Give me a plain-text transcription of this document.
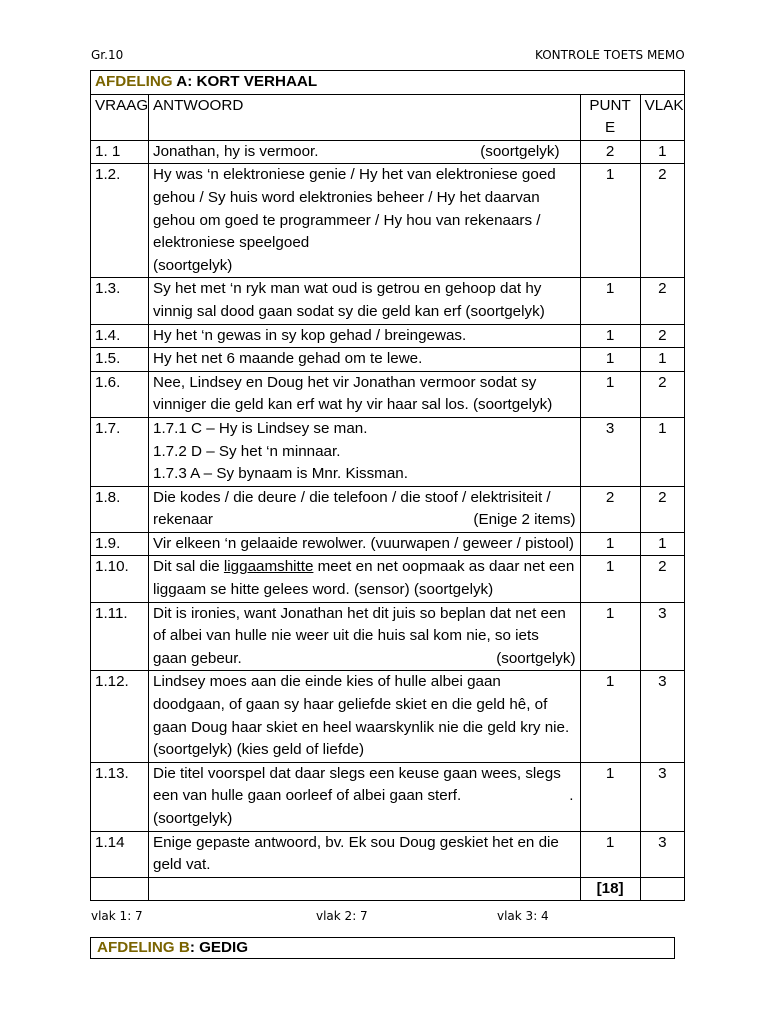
Gr.10	KONTROLE TOETS MEMO
AFDELING A: KORT VERHAAL			
VRAAG	ANTWOORD	PUNT E	VLAK
1. 1	Jonathan, hy is vermoor. (soortgelyk)	2	1
1.2.	Hy was ‘n elektroniese genie / Hy het van elektroniese goed
gehou / Sy huis word elektronies beheer / Hy het daarvan
gehou om goed te programmeer / Hy hou van rekenaars /
elektroniese speelgoed
(soortgelyk)	1	2
1.3.	Sy het met ‘n ryk man wat oud is getrou en gehoop dat hy
vinnig sal dood gaan sodat sy die geld kan erf (soortgelyk)	1	2
1.4.	Hy het ‘n gewas in sy kop gehad / breingewas.	1	2
1.5.	Hy het net 6 maande gehad om te lewe.	1	1
1.6.	Nee, Lindsey en Doug het vir Jonathan vermoor sodat sy
vinniger die geld kan erf wat hy vir haar sal los. (soortgelyk)	1	2
1.7.	1.7.1 C – Hy is Lindsey se man.
1.7.2 D – Sy het ‘n minnaar.
1.7.3 A – Sy bynaam is Mnr. Kissman.	3	1
1.8.	Die kodes / die deure / die telefoon / die stoof / elektrisiteit /
rekenaar (Enige 2 items)	2	2
1.9.	Vir elkeen ‘n gelaaide rewolwer. (vuurwapen / geweer / pistool)	1	1
1.10.	Dit sal die liggaamshitte meet en net oopmaak as daar net een
liggaam se hitte gelees word. (sensor) (soortgelyk)	1	2
1.11.	Dit is ironies, want Jonathan het dit juis so beplan dat net een
of albei van hulle nie weer uit die huis sal kom nie, so iets
gaan gebeur. (soortgelyk)	1	3
1.12.	Lindsey moes aan die einde kies of hulle albei gaan
doodgaan, of gaan sy haar geliefde skiet en die geld hê, of
gaan Doug haar skiet en heel waarskynlik nie die geld kry nie.
(soortgelyk) (kies geld of liefde)	1	3
1.13.	Die titel voorspel dat daar slegs een keuse gaan wees, slegs
een van hulle gaan oorleef of albei gaan sterf. .
(soortgelyk)	1	3
1.14	Enige gepaste antwoord, bv. Ek sou Doug geskiet het en die
geld vat.	1	3
		[18]	
vlak 1: 7	vlak 2: 7	vlak 3: 4
AFDELING B: GEDIG
